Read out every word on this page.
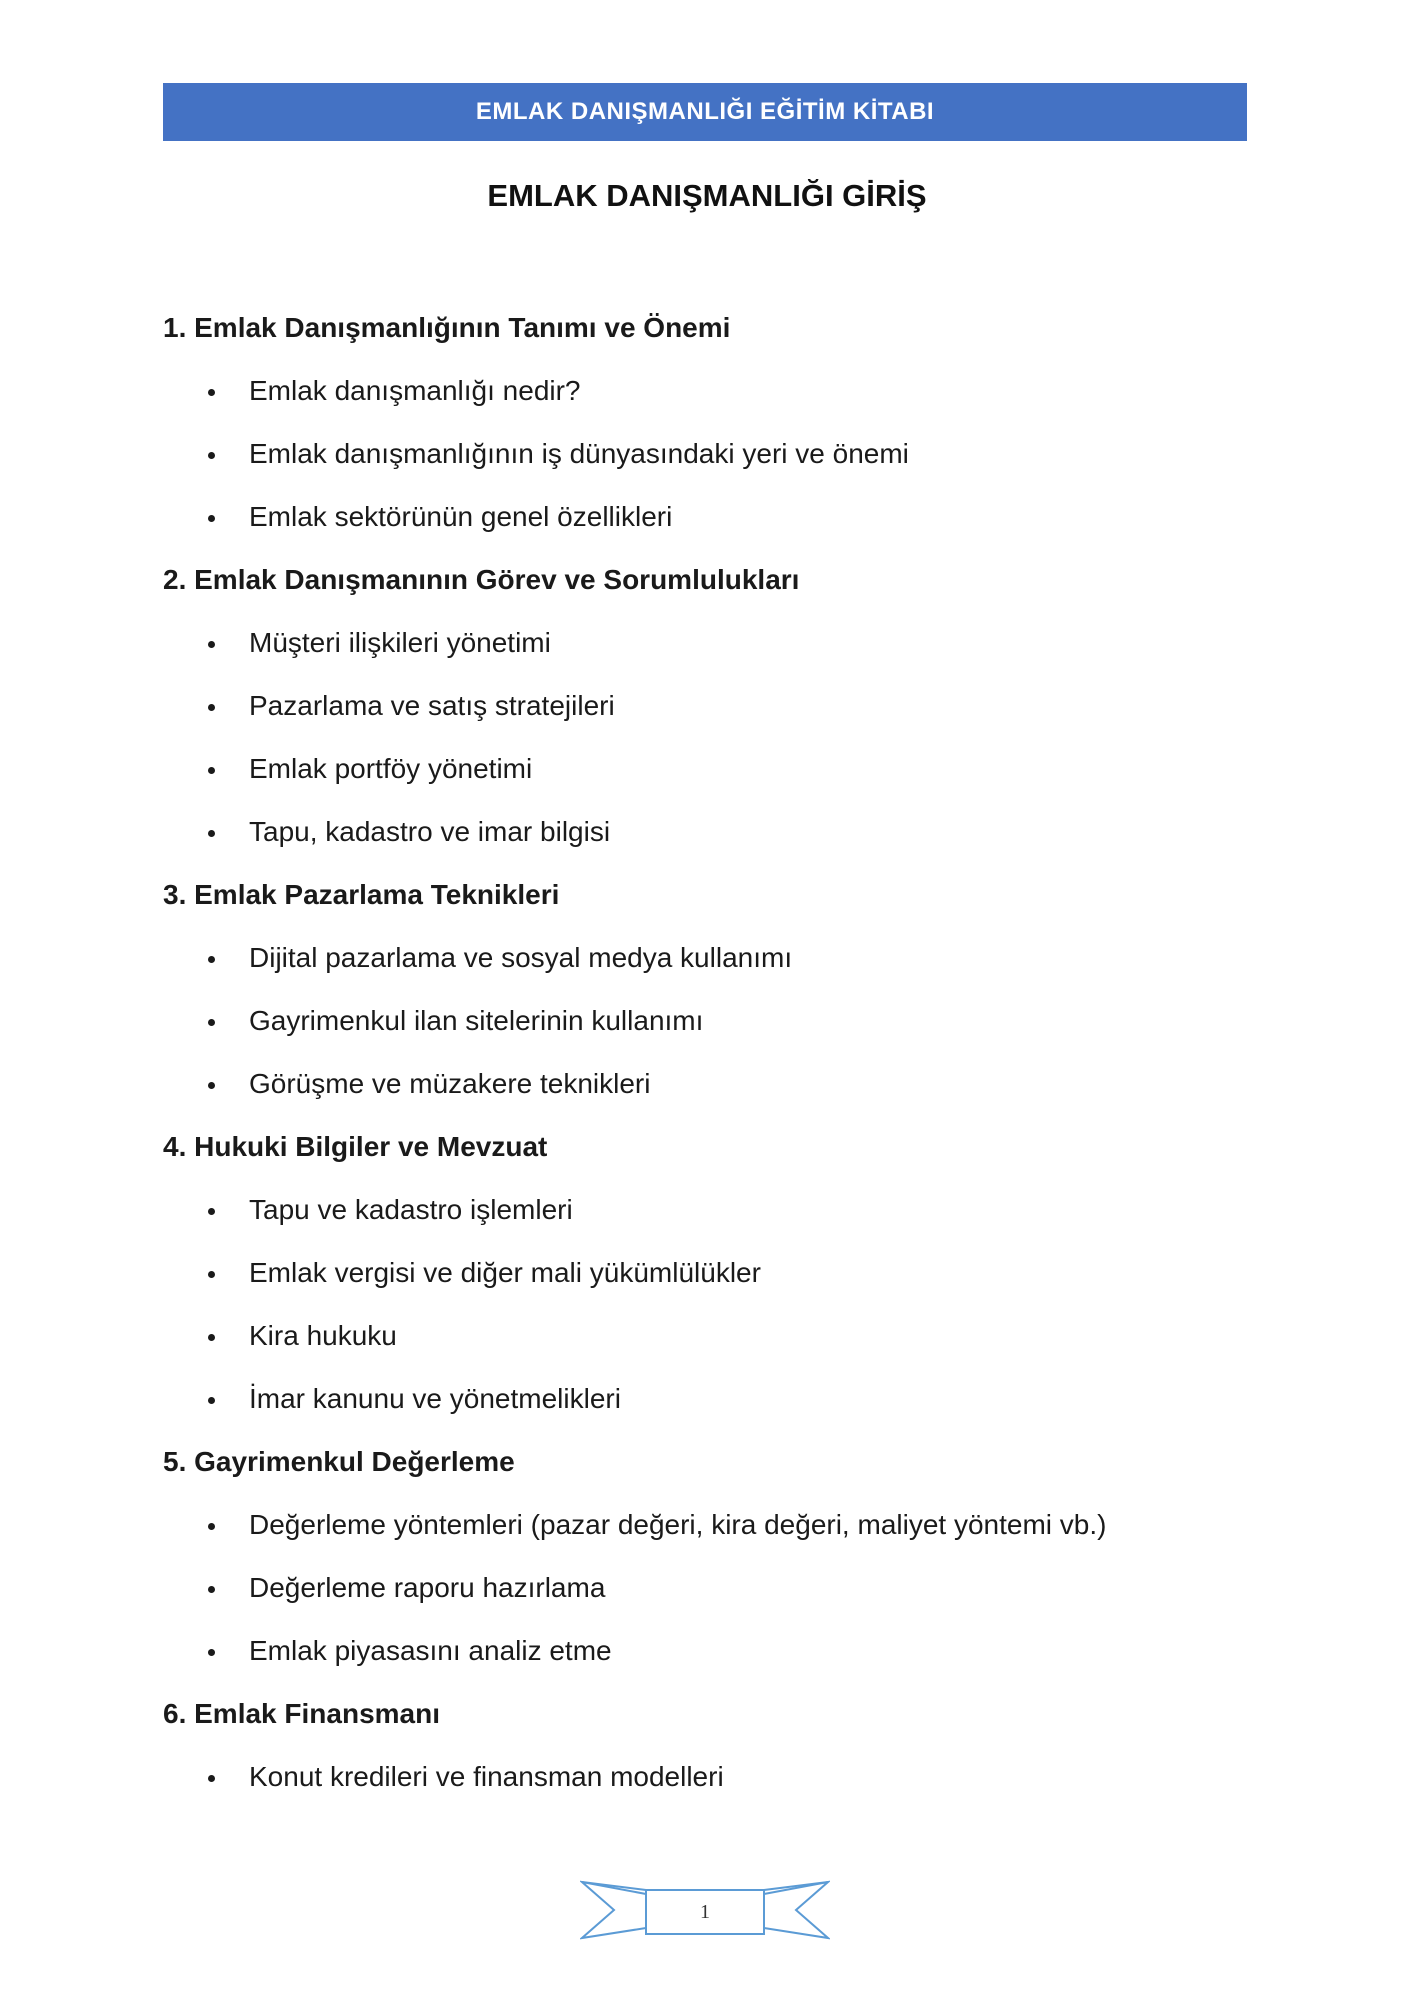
EMLAK DANIŞMANLIĞI EĞİTİM KİTABI
EMLAK DANIŞMANLIĞI GİRİŞ
1. Emlak Danışmanlığının Tanımı ve Önemi
Emlak danışmanlığı nedir?
Emlak danışmanlığının iş dünyasındaki yeri ve önemi
Emlak sektörünün genel özellikleri
2. Emlak Danışmanının Görev ve Sorumlulukları
Müşteri ilişkileri yönetimi
Pazarlama ve satış stratejileri
Emlak portföy yönetimi
Tapu, kadastro ve imar bilgisi
3. Emlak Pazarlama Teknikleri
Dijital pazarlama ve sosyal medya kullanımı
Gayrimenkul ilan sitelerinin kullanımı
Görüşme ve müzakere teknikleri
4. Hukuki Bilgiler ve Mevzuat
Tapu ve kadastro işlemleri
Emlak vergisi ve diğer mali yükümlülükler
Kira hukuku
İmar kanunu ve yönetmelikleri
5. Gayrimenkul Değerleme
Değerleme yöntemleri (pazar değeri, kira değeri, maliyet yöntemi vb.)
Değerleme raporu hazırlama
Emlak piyasasını analiz etme
6. Emlak Finansmanı
Konut kredileri ve finansman modelleri
1
